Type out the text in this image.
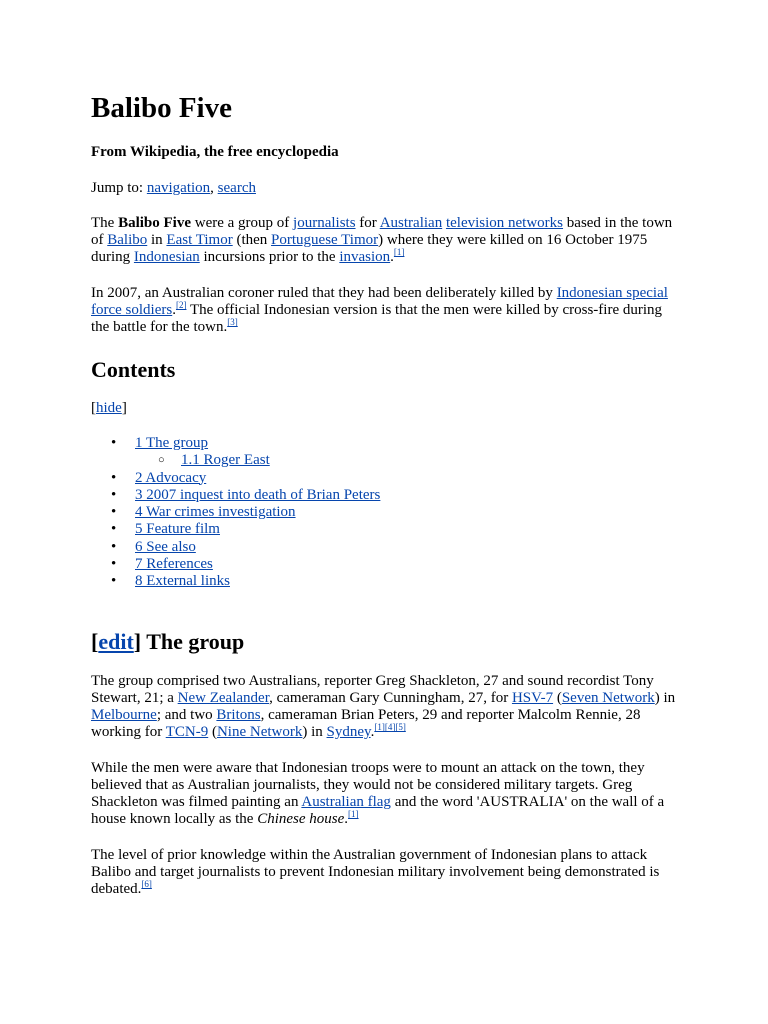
Balibo Five
From Wikipedia, the free encyclopedia
Jump to: navigation, search

The Balibo Five were a group of journalists for Australian television networks based in the town of Balibo in East Timor (then Portuguese Timor) where they were killed on 16 October 1975 during Indonesian incursions prior to the invasion.[1]

In 2007, an Australian coroner ruled that they had been deliberately killed by Indonesian special force soldiers.[2] The official Indonesian version is that the men were killed by cross-fire during the battle for the town.[3]

Contents
[hide]
• 1 The group
○ 1.1 Roger East
• 2 Advocacy
• 3 2007 inquest into death of Brian Peters
• 4 War crimes investigation
• 5 Feature film
• 6 See also
• 7 References
• 8 External links
[edit] The group

The group comprised two Australians, reporter Greg Shackleton, 27 and sound recordist Tony Stewart, 21; a New Zealander, cameraman Gary Cunningham, 27, for HSV-7 (Seven Network) in Melbourne; and two Britons, cameraman Brian Peters, 29 and reporter Malcolm Rennie, 28 working for TCN-9 (Nine Network) in Sydney.[1][4][5]

While the men were aware that Indonesian troops were to mount an attack on the town, they believed that as Australian journalists, they would not be considered military targets. Greg Shackleton was filmed painting an Australian flag and the word 'AUSTRALIA' on the wall of a house known locally as the Chinese house.[1]

The level of prior knowledge within the Australian government of Indonesian plans to attack Balibo and target journalists to prevent Indonesian military involvement being demonstrated is debated.[6]
